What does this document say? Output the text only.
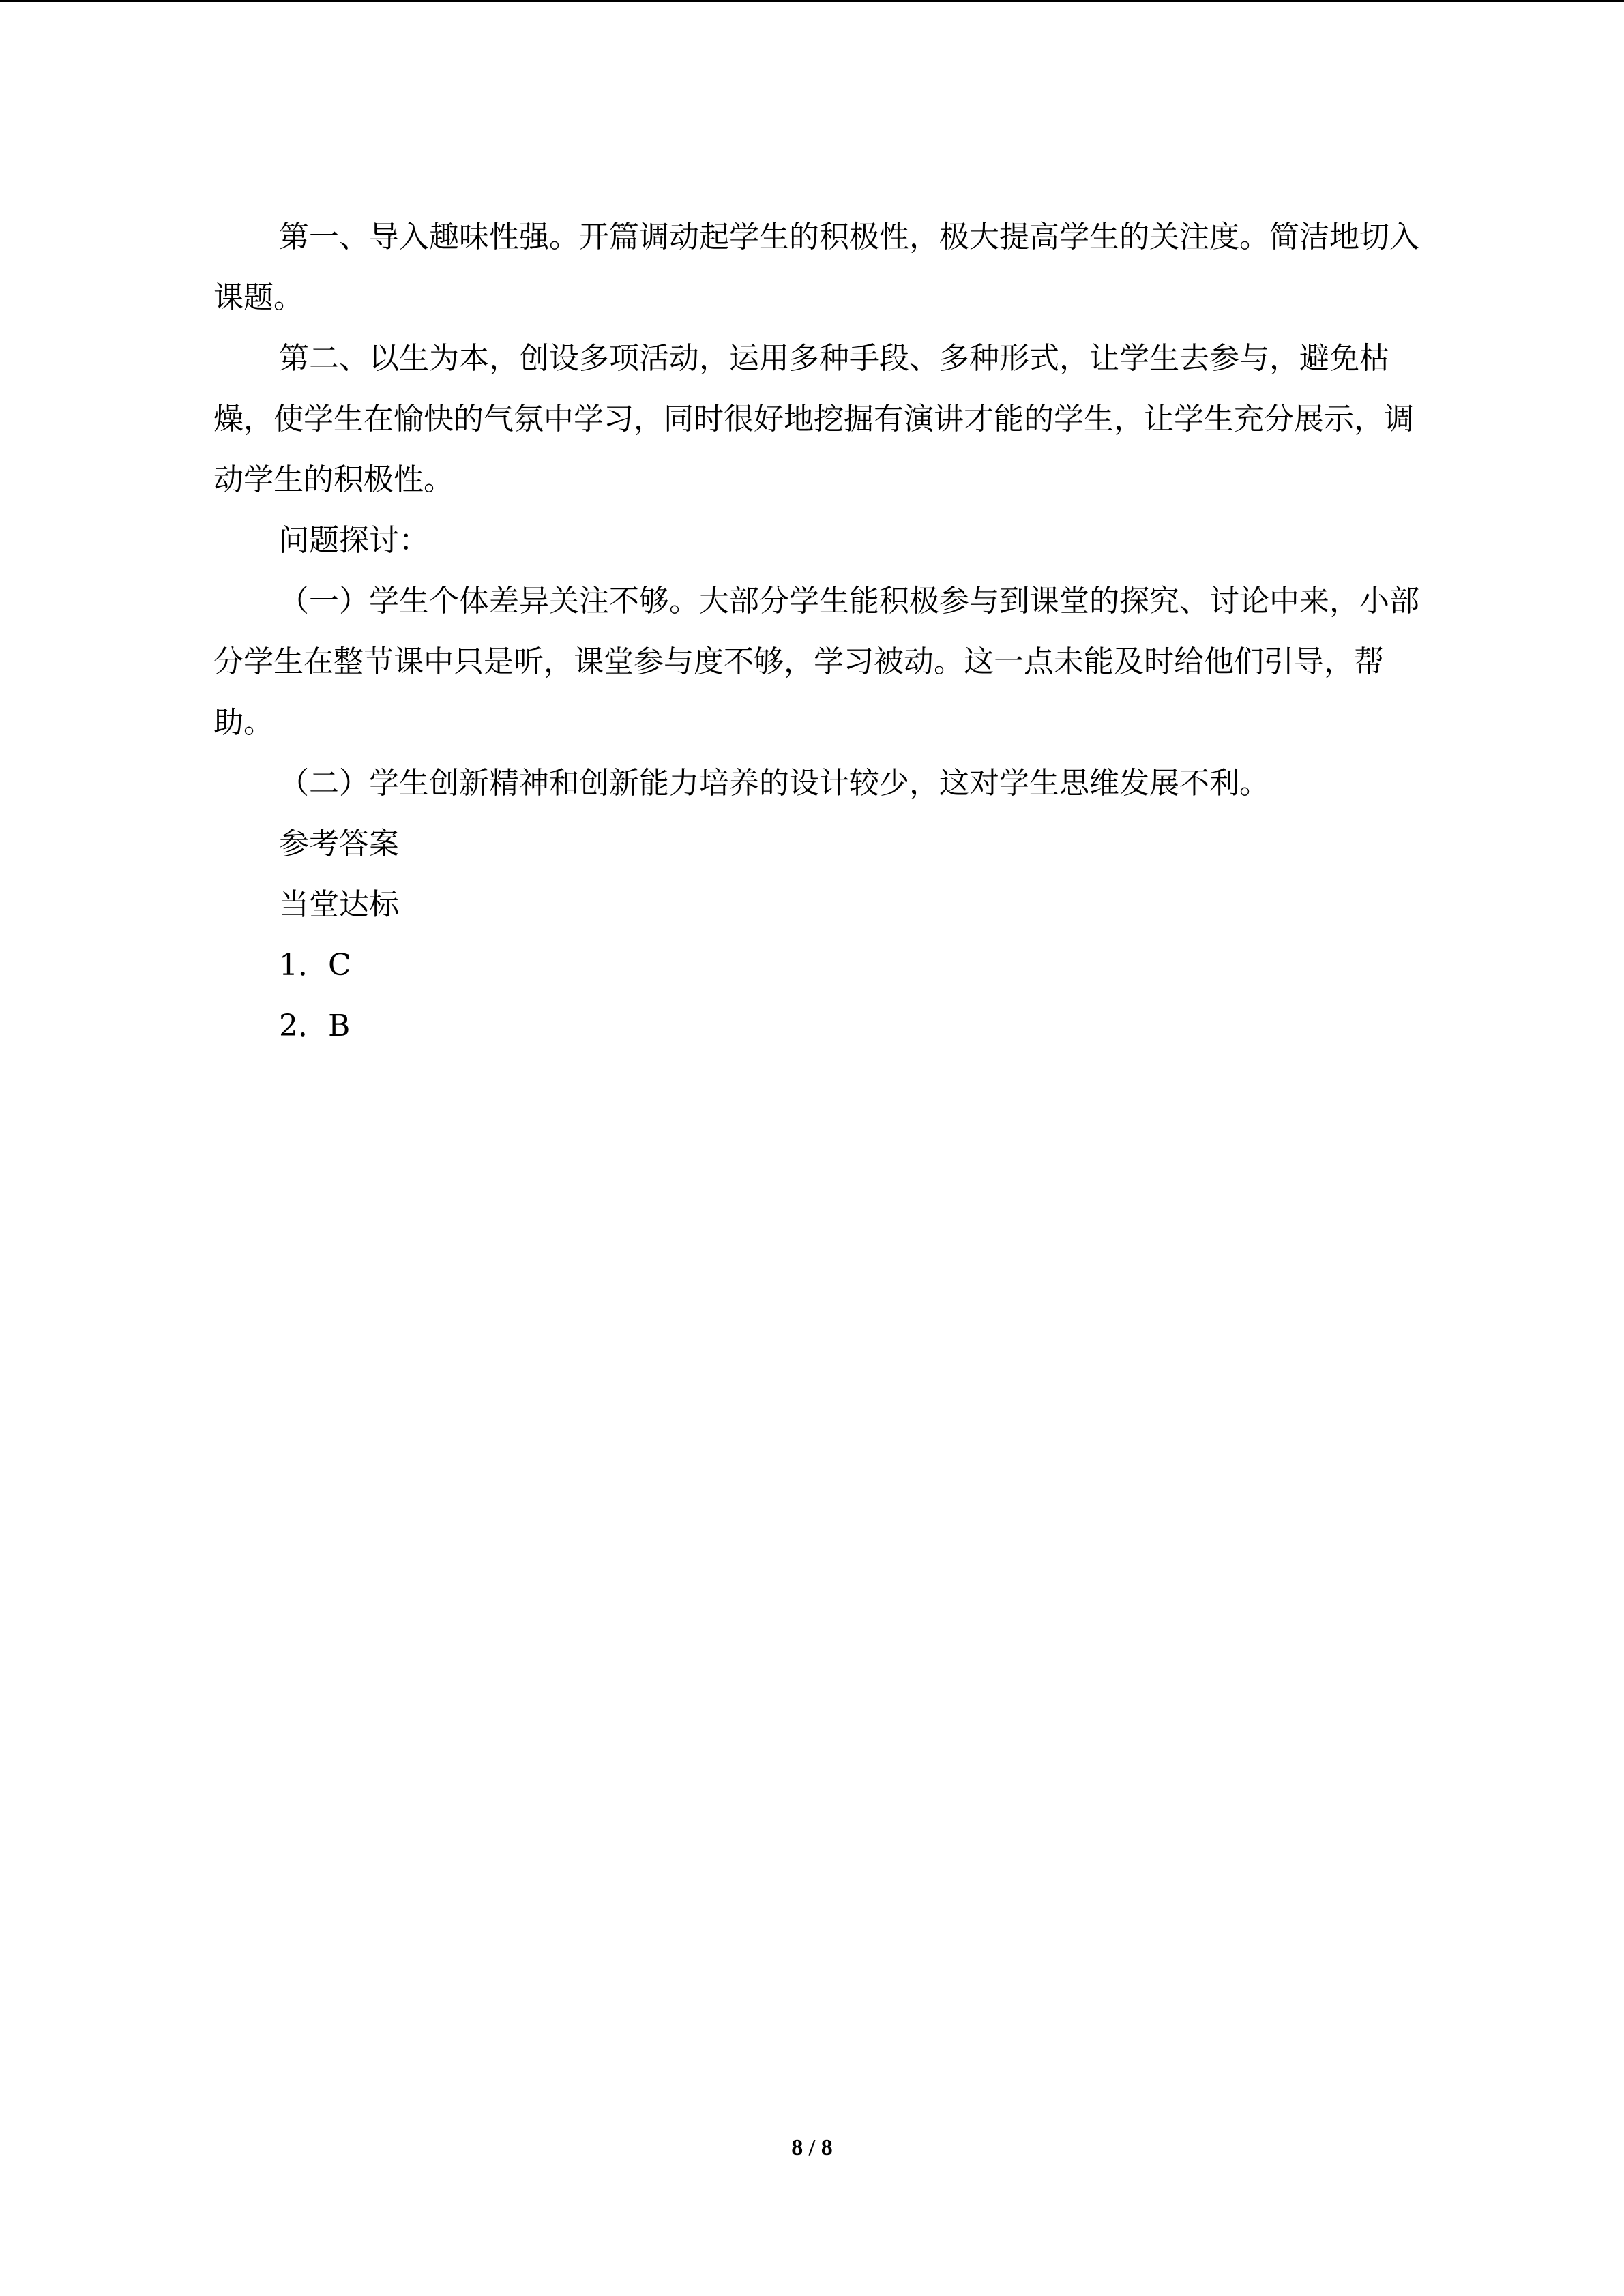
第一、导入趣味性强。开篇调动起学生的积极性，极大提高学生的关注度。简洁地切入
课题。

第二、以生为本，创设多项活动，运用多种手段、多种形式，让学生去参与，避免枯
燥，使学生在愉快的气氛中学习，同时很好地挖掘有演讲才能的学生，让学生充分展示，调
动学生的积极性。

问题探讨：

（一）学生个体差异关注不够。大部分学生能积极参与到课堂的探究、讨论中来，小部
分学生在整节课中只是听，课堂参与度不够，学习被动。这一点未能及时给他们引导，帮
助。

（二）学生创新精神和创新能力培养的设计较少，这对学生思维发展不利。

参考答案

当堂达标

1．C

2．B

8 / 8
